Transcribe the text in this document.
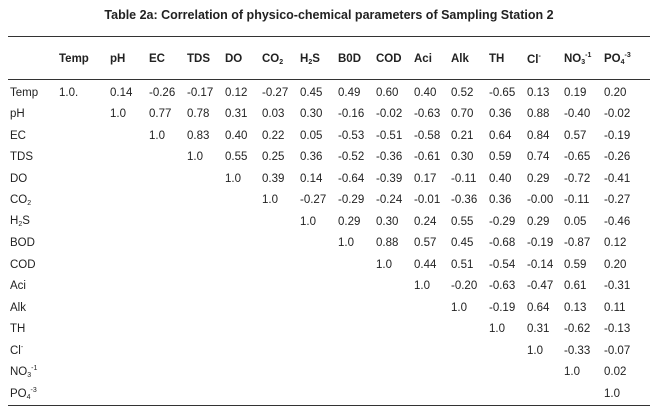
Table 2a: Correlation of physico-chemical parameters of Sampling Station 2
	Temp	pH	EC	TDS	DO	$CO_2$	$H_2S$	B0D	COD	Aci	Alk	TH	Cl-	$NO_3^{-1}$	$PO_4^{-3}$
Temp	1.0.	0.14	-0.26	-0.17	0.12	-0.27	0.45	0.49	0.60	0.40	0.52	-0.65	0.13	0.19	0.20
pH		1.0	0.77	0.78	0.31	0.03	0.30	-0.16	-0.02	-0.63	0.70	0.36	0.88	-0.40	-0.02
EC			1.0	0.83	0.40	0.22	0.05	-0.53	-0.51	-0.58	0.21	0.64	0.84	0.57	-0.19
TDS				1.0	0.55	0.25	0.36	-0.52	-0.36	-0.61	0.30	0.59	0.74	-0.65	-0.26
DO					1.0	0.39	0.14	-0.64	-0.39	0.17	-0.11	0.40	0.29	-0.72	-0.41
$CO_2$						1.0	-0.27	-0.29	-0.24	-0.01	-0.36	0.36	-0.00	-0.11	-0.27
$H_2S$							1.0	0.29	0.30	0.24	0.55	-0.29	0.29	0.05	-0.46
BOD								1.0	0.88	0.57	0.45	-0.68	-0.19	-0.87	0.12
COD									1.0	0.44	0.51	-0.54	-0.14	0.59	0.20
Aci										1.0	-0.20	-0.63	-0.47	0.61	-0.31
Alk											1.0	-0.19	0.64	0.13	0.11
TH												1.0	0.31	-0.62	-0.13
Cl-													1.0	-0.33	-0.07
$NO_3^{-1}$														1.0	0.02
$PO_4^{-3}$															1.0
